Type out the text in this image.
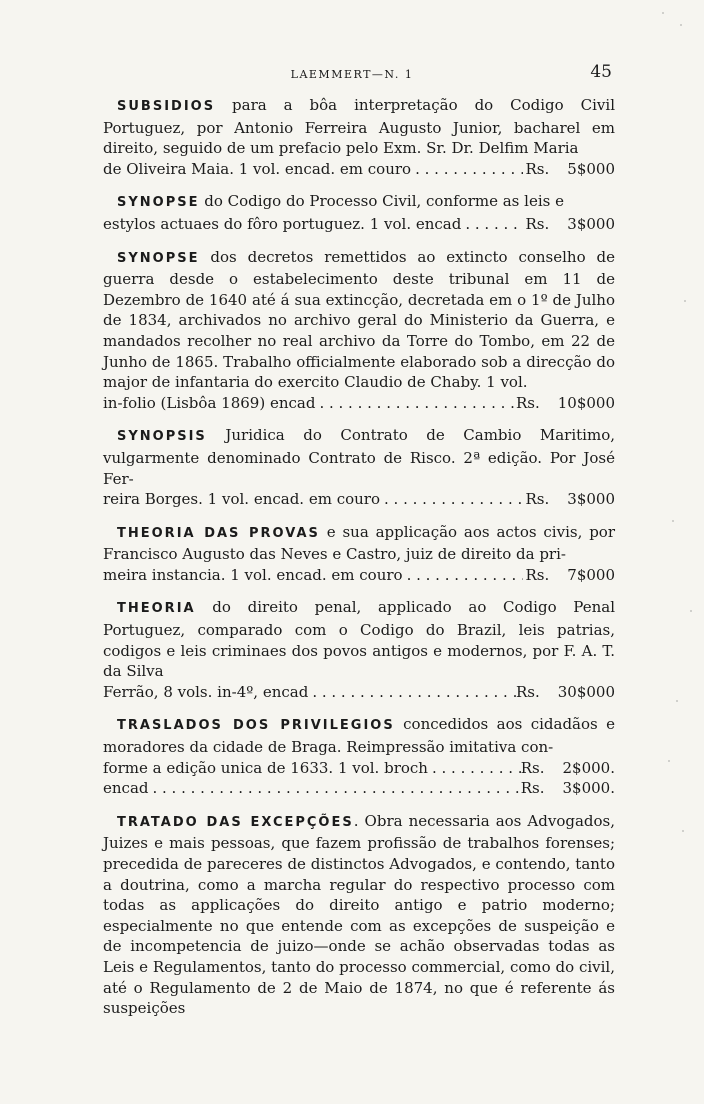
LAEMMERT—N. 1	45

SUBSIDIOS para a bôa interpretação do Codigo Civil Portuguez, por Antonio Ferreira Augusto Junior, bacharel em direito, seguido de um prefacio pelo Exm. Sr. Dr. Delfim Maria

de Oliveira Maia. 1 vol. encad. em couro . . .	Rs. 5$000

SYNOPSE do Codigo do Processo Civil, conforme as leis e

estylos actuaes do fôro portuguez. 1 vol. encad . . .	Rs. 3$000

SYNOPSE dos decretos remettidos ao extincto conselho de guerra desde o estabelecimento deste tribunal em 11 de Dezembro de 1640 até á sua extincção, decretada em o 1º de Julho de 1834, archivados no archivo geral do Ministerio da Guerra, e mandados recolher no real archivo da Torre do Tombo, em 22 de Junho de 1865. Trabalho officialmente elaborado sob a direcção do major de infantaria do exercito Claudio de Chaby. 1 vol.

in-folio (Lisbôa 1869) encad . . .	Rs. 10$000

SYNOPSIS Juridica do Contrato de Cambio Maritimo, vulgarmente denominado Contrato de Risco. 2ª edição. Por José Fer-

reira Borges. 1 vol. encad. em couro . . .	Rs. 3$000

THEORIA DAS PROVAS e sua applicação aos actos civis, por Francisco Augusto das Neves e Castro, juiz de direito da pri-

meira instancia. 1 vol. encad. em couro . . .	Rs. 7$000

THEORIA do direito penal, applicado ao Codigo Penal Portuguez, comparado com o Codigo do Brazil, leis patrias, codigos e leis criminaes dos povos antigos e modernos, por F. A. T. da Silva

Ferrão, 8 vols. in-4º, encad . . .	Rs. 30$000

TRASLADOS DOS PRIVILEGIOS concedidos aos cidadãos e moradores da cidade de Braga. Reimpressão imitativa con-

forme a edição unica de 1633. 1 vol. broch . . .	Rs. 2$000.
encad . . .	Rs. 3$000.

TRATADO DAS EXCEPÇÕES. Obra necessaria aos Advogados, Juizes e mais pessoas, que fazem profissão de trabalhos forenses; precedida de pareceres de distinctos Advogados, e contendo, tanto a doutrina, como a marcha regular do respectivo processo com todas as applicações do direito antigo e patrio moderno; especialmente no que entende com as excepções de suspeição e de incompetencia de juizo—onde se achão observadas todas as Leis e Regulamentos, tanto do processo commercial, como do civil, até o Regulamento de 2 de Maio de 1874, no que é referente ás suspeições
